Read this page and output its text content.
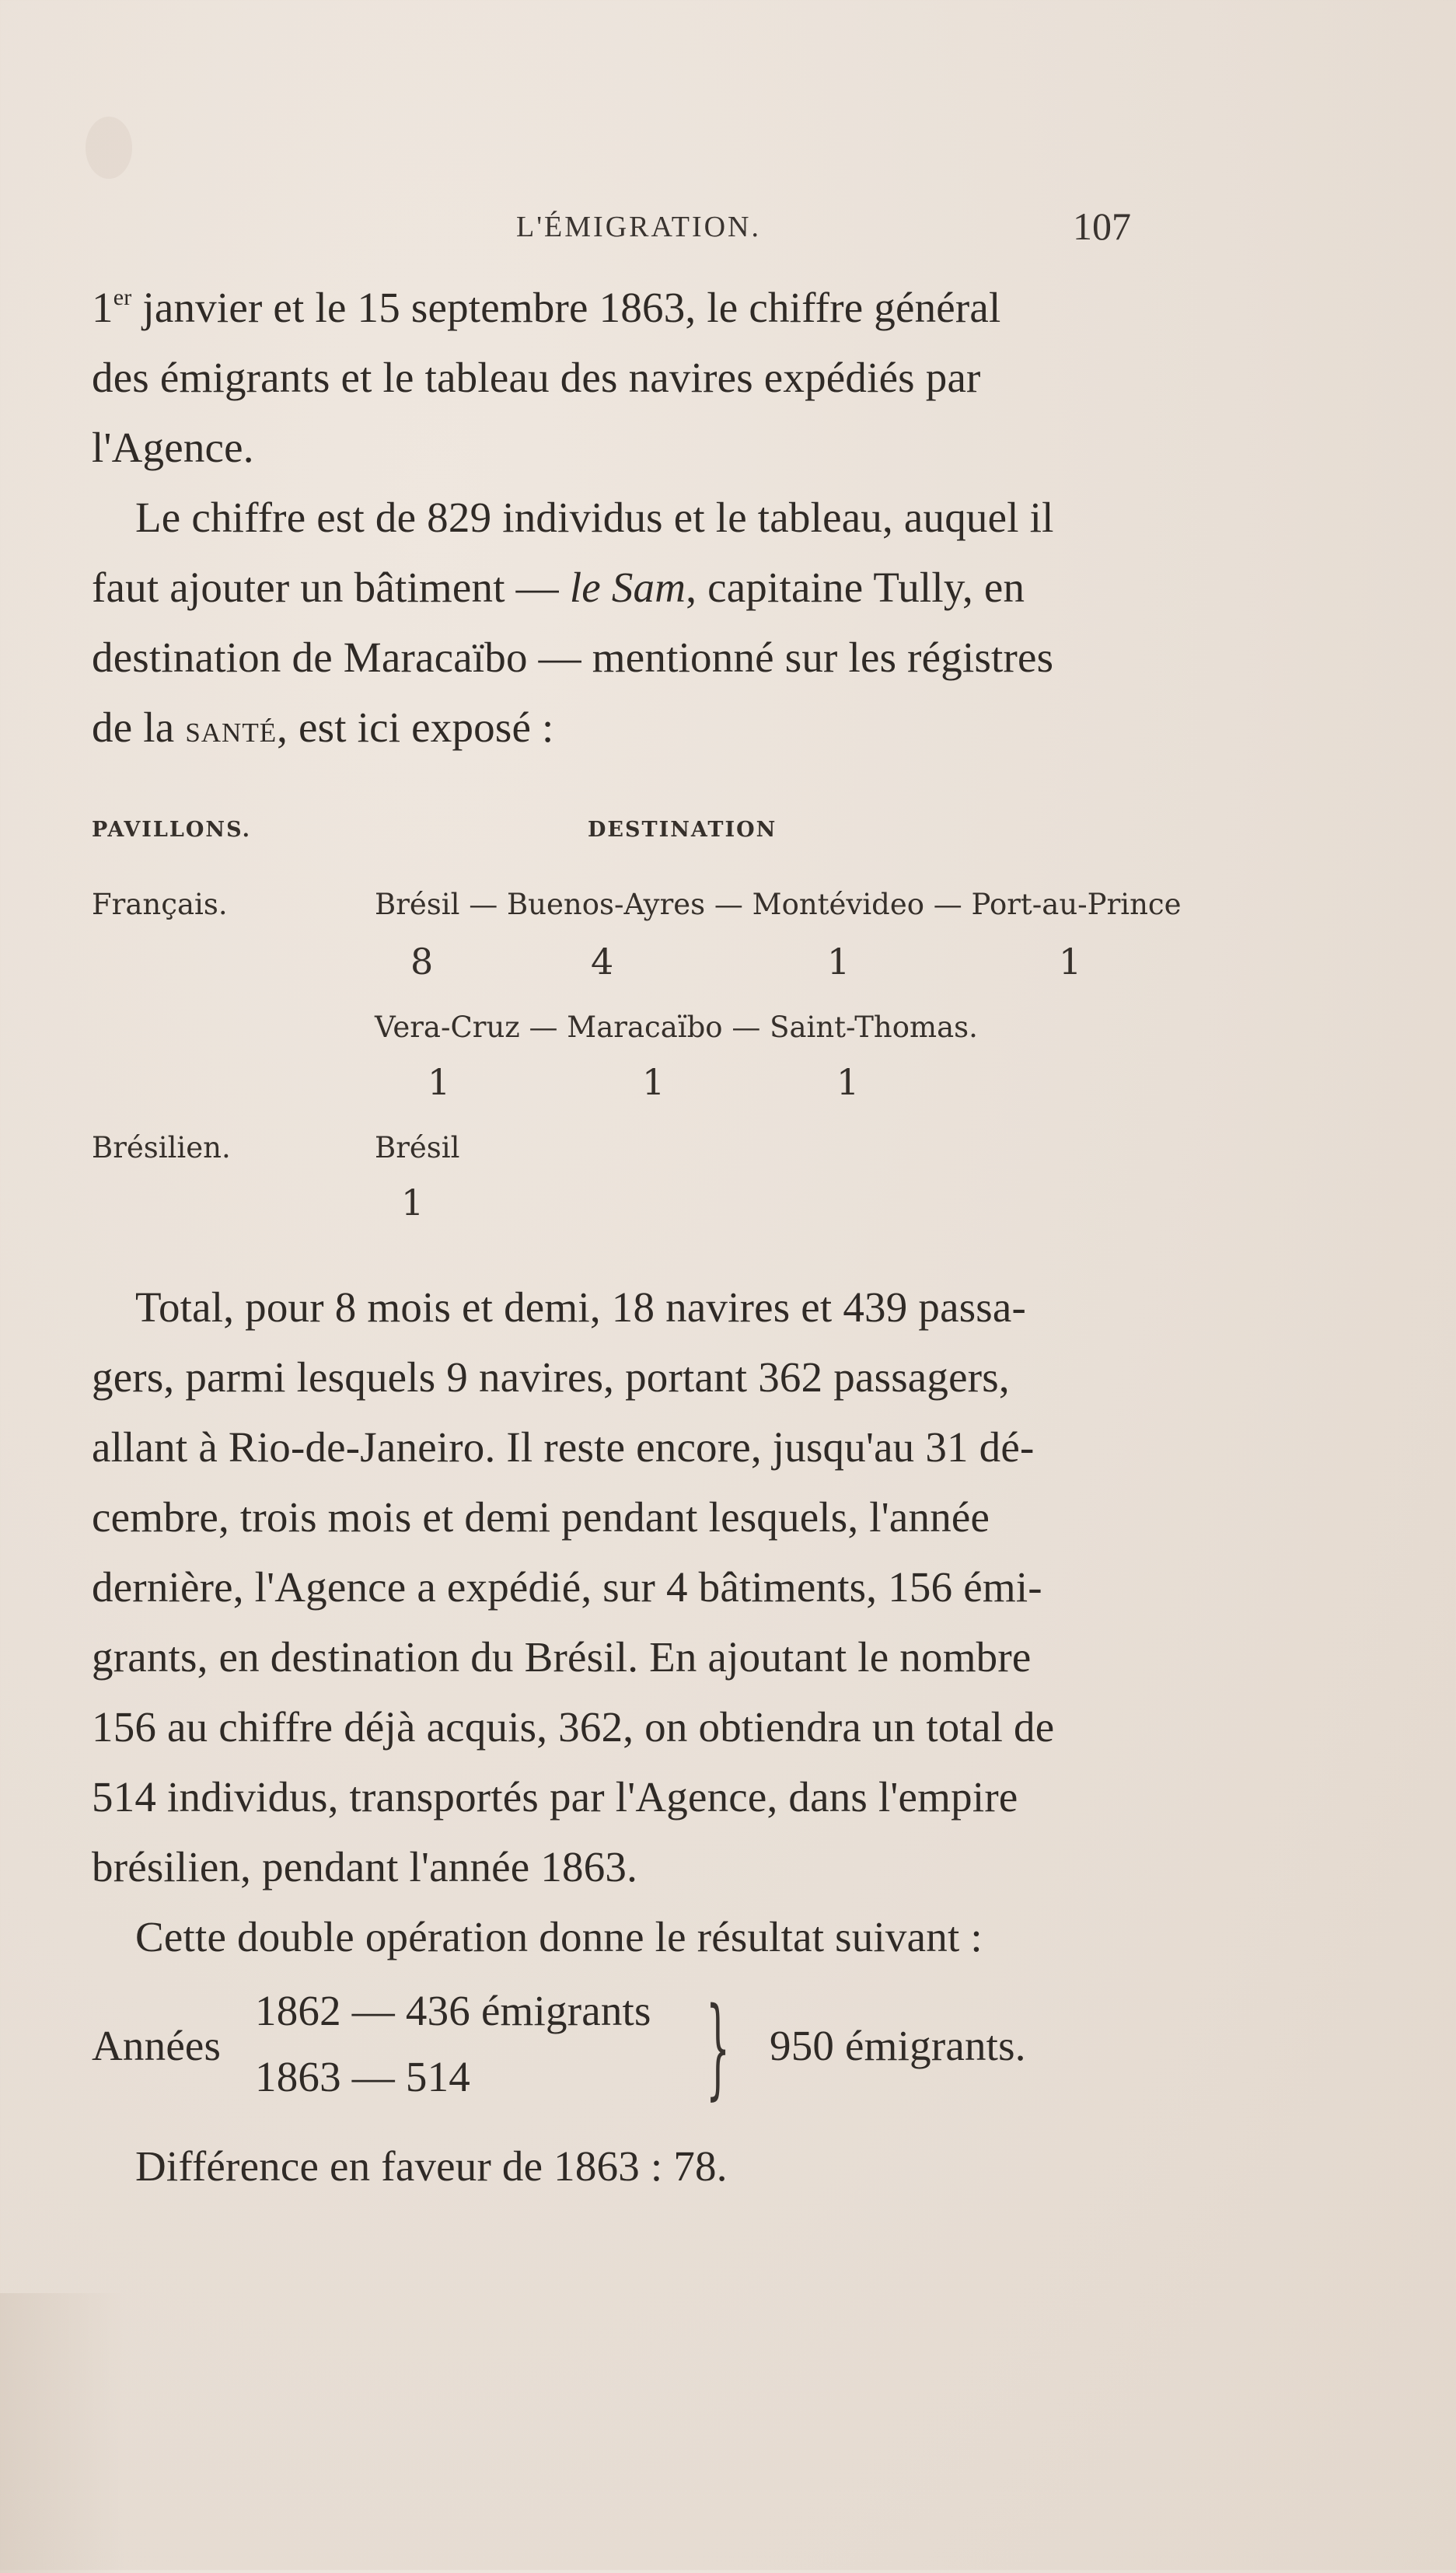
L'ÉMIGRATION.	107
1er janvier et le 15 septembre 1863, le chiffre général
des émigrants et le tableau des navires expédiés par
l'Agence.
Le chiffre est de 829 individus et le tableau, auquel il
faut ajouter un bâtiment — le Sam, capitaine Tully, en
destination de Maracaïbo — mentionné sur les régistres
de la santé, est ici exposé :
PAVILLONS.	DESTINATION
Français.	Brésil — Buenos-Ayres — Montévideo — Port-au-Prince
8	4	1	1
Vera-Cruz — Maracaïbo — Saint-Thomas.
1	1	1
Brésilien.	Brésil
1
Total, pour 8 mois et demi, 18 navires et 439 passa-
gers, parmi lesquels 9 navires, portant 362 passagers,
allant à Rio-de-Janeiro. Il reste encore, jusqu'au 31 dé-
cembre, trois mois et demi pendant lesquels, l'année
dernière, l'Agence a expédié, sur 4 bâtiments, 156 émi-
grants, en destination du Brésil. En ajoutant le nombre
156 au chiffre déjà acquis, 362, on obtiendra un total de
514 individus, transportés par l'Agence, dans l'empire
brésilien, pendant l'année 1863.
Cette double opération donne le résultat suivant :
Années
1862 — 436 émigrants
1863 — 514 } 950 émigrants.
Différence en faveur de 1863 : 78.
